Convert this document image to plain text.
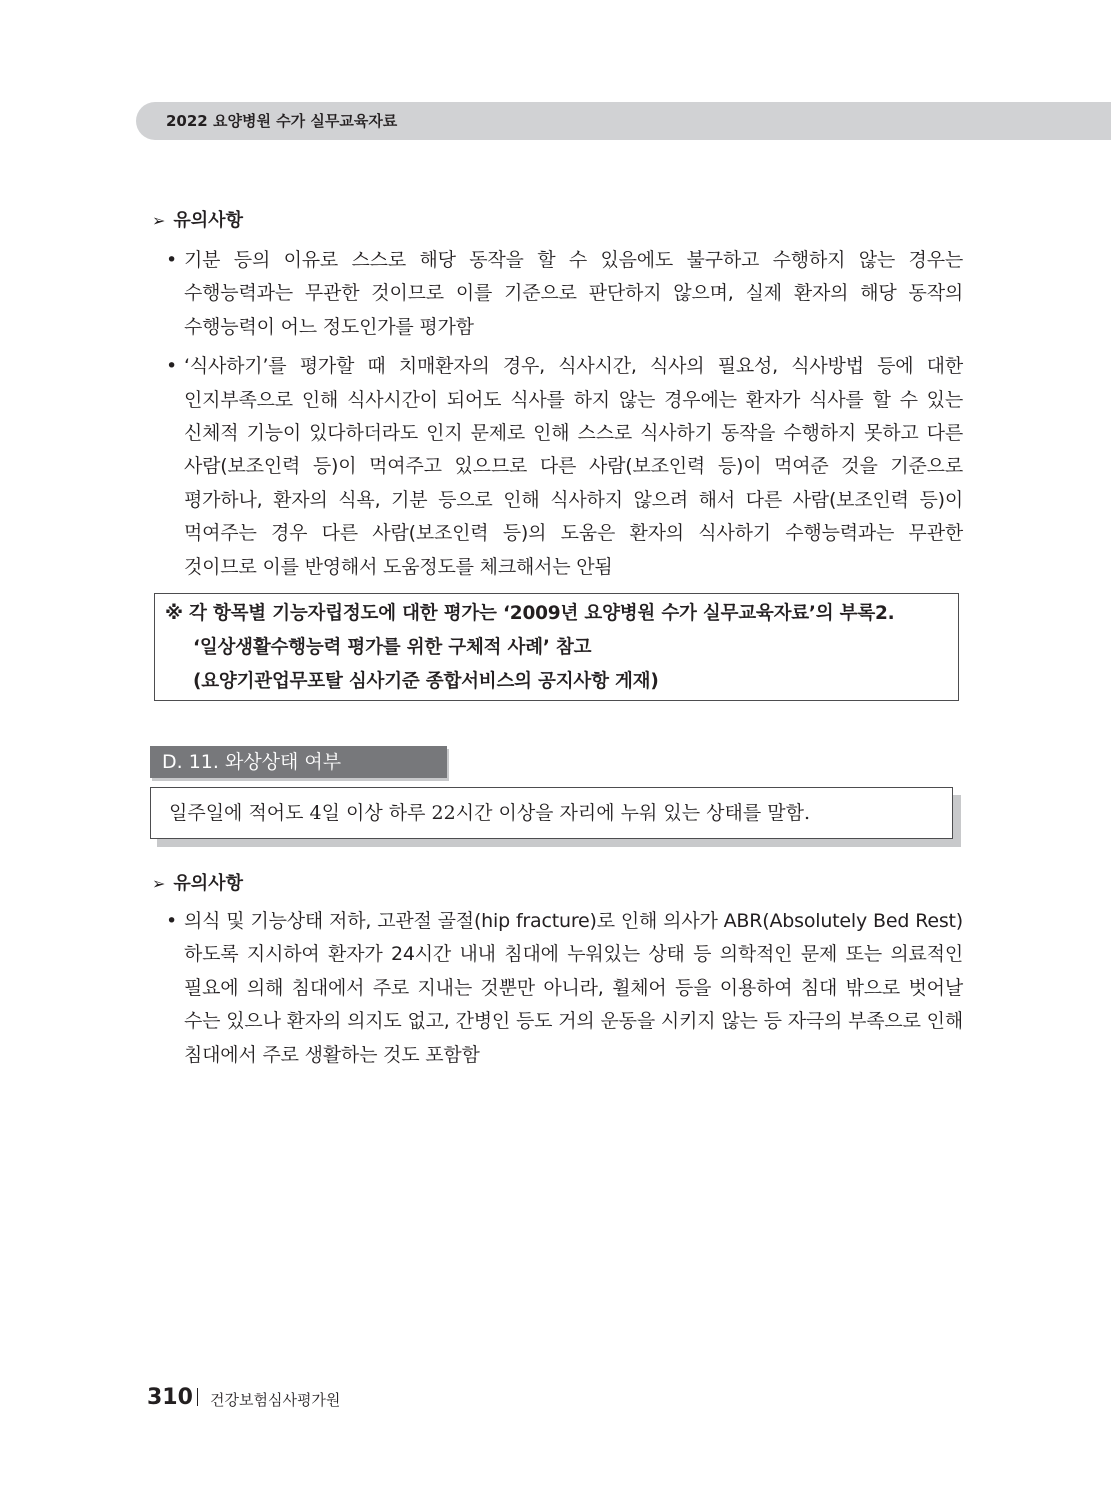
2022 요양병원 수가 실무교육자료
➢ 유의사항
• 기분 등의 이유로 스스로 해당 동작을 할 수 있음에도 불구하고 수행하지 않는 경우는 수행능력과는 무관한 것이므로 이를 기준으로 판단하지 않으며, 실제 환자의 해당 동작의 수행능력이 어느 정도인가를 평가함
• ‘식사하기’를 평가할 때 치매환자의 경우, 식사시간, 식사의 필요성, 식사방법 등에 대한 인지부족으로 인해 식사시간이 되어도 식사를 하지 않는 경우에는 환자가 식사를 할 수 있는 신체적 기능이 있다하더라도 인지 문제로 인해 스스로 식사하기 동작을 수행하지 못하고 다른 사람(보조인력 등)이 먹여주고 있으므로 다른 사람(보조인력 등)이 먹여준 것을 기준으로 평가하나, 환자의 식욕, 기분 등으로 인해 식사하지 않으려 해서 다른 사람(보조인력 등)이 먹여주는 경우 다른 사람(보조인력 등)의 도움은 환자의 식사하기 수행능력과는 무관한 것이므로 이를 반영해서 도움정도를 체크해서는 안됨
※ 각 항목별 기능자립정도에 대한 평가는 ‘2009년 요양병원 수가 실무교육자료’의 부록2.
‘일상생활수행능력 평가를 위한 구체적 사례’ 참고
(요양기관업무포탈 심사기준 종합서비스의 공지사항 게재)
D. 11. 와상상태 여부
일주일에 적어도 4일 이상 하루 22시간 이상을 자리에 누워 있는 상태를 말함.
➢ 유의사항
• 의식 및 기능상태 저하, 고관절 골절(hip fracture)로 인해 의사가 ABR(Absolutely Bed Rest)하도록 지시하여 환자가 24시간 내내 침대에 누워있는 상태 등 의학적인 문제 또는 의료적인 필요에 의해 침대에서 주로 지내는 것뿐만 아니라, 휠체어 등을 이용하여 침대 밖으로 벗어날 수는 있으나 환자의 의지도 없고, 간병인 등도 거의 운동을 시키지 않는 등 자극의 부족으로 인해 침대에서 주로 생활하는 것도 포함함
310 건강보험심사평가원
